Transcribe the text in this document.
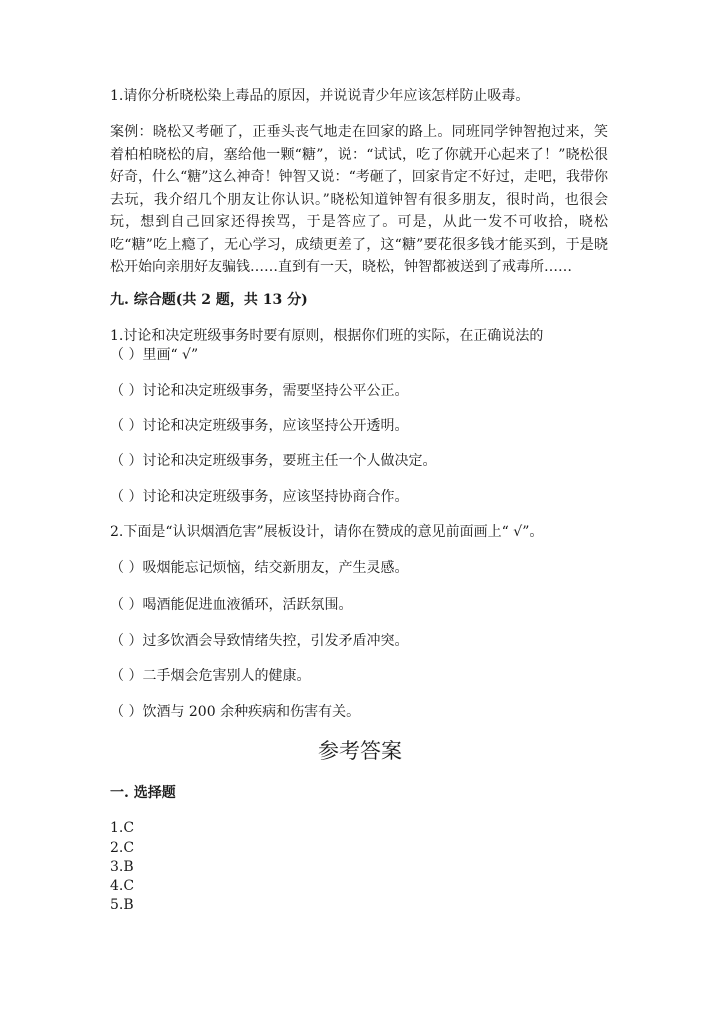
1.请你分析晓松染上毒品的原因，并说说青少年应该怎样防止吸毒。
案例：晓松又考砸了，正垂头丧气地走在回家的路上。同班同学钟智抱过来，笑着柏柏晓松的肩，塞给他一颗“糖”，说：“试试，吃了你就开心起来了！”晓松很好奇，什么“糖”这么神奇！钟智又说：“考砸了，回家肯定不好过，走吧，我带你去玩，我介绍几个朋友让你认识。”晓松知道钟智有很多朋友，很时尚，也很会玩，想到自己回家还得挨骂，于是答应了。可是，从此一发不可收拾，晓松吃“糖”吃上瘾了，无心学习，成绩更差了，这“糖”要花很多钱才能买到，于是晓松开始向亲朋好友骗钱……直到有一天，晓松，钟智都被送到了戒毒所……
九. 综合题(共 2 题，共 13 分)
1.讨论和决定班级事务时要有原则，根据你们班的实际，在正确说法的
（ ）里画“ √”
（ ）讨论和决定班级事务，需要坚持公平公正。
（ ）讨论和决定班级事务，应该坚持公开透明。
（ ）讨论和决定班级事务，要班主任一个人做决定。
（ ）讨论和决定班级事务，应该坚持协商合作。
2.下面是“认识烟酒危害”展板设计，请你在赞成的意见前面画上“ √”。
（ ）吸烟能忘记烦恼，结交新朋友，产生灵感。
（ ）喝酒能促进血液循环，活跃氛围。
（ ）过多饮酒会导致情绪失控，引发矛盾冲突。
（ ）二手烟会危害别人的健康。
（ ）饮酒与 200 余种疾病和伤害有关。
参考答案
一. 选择题
1.C
2.C
3.B
4.C
5.B
